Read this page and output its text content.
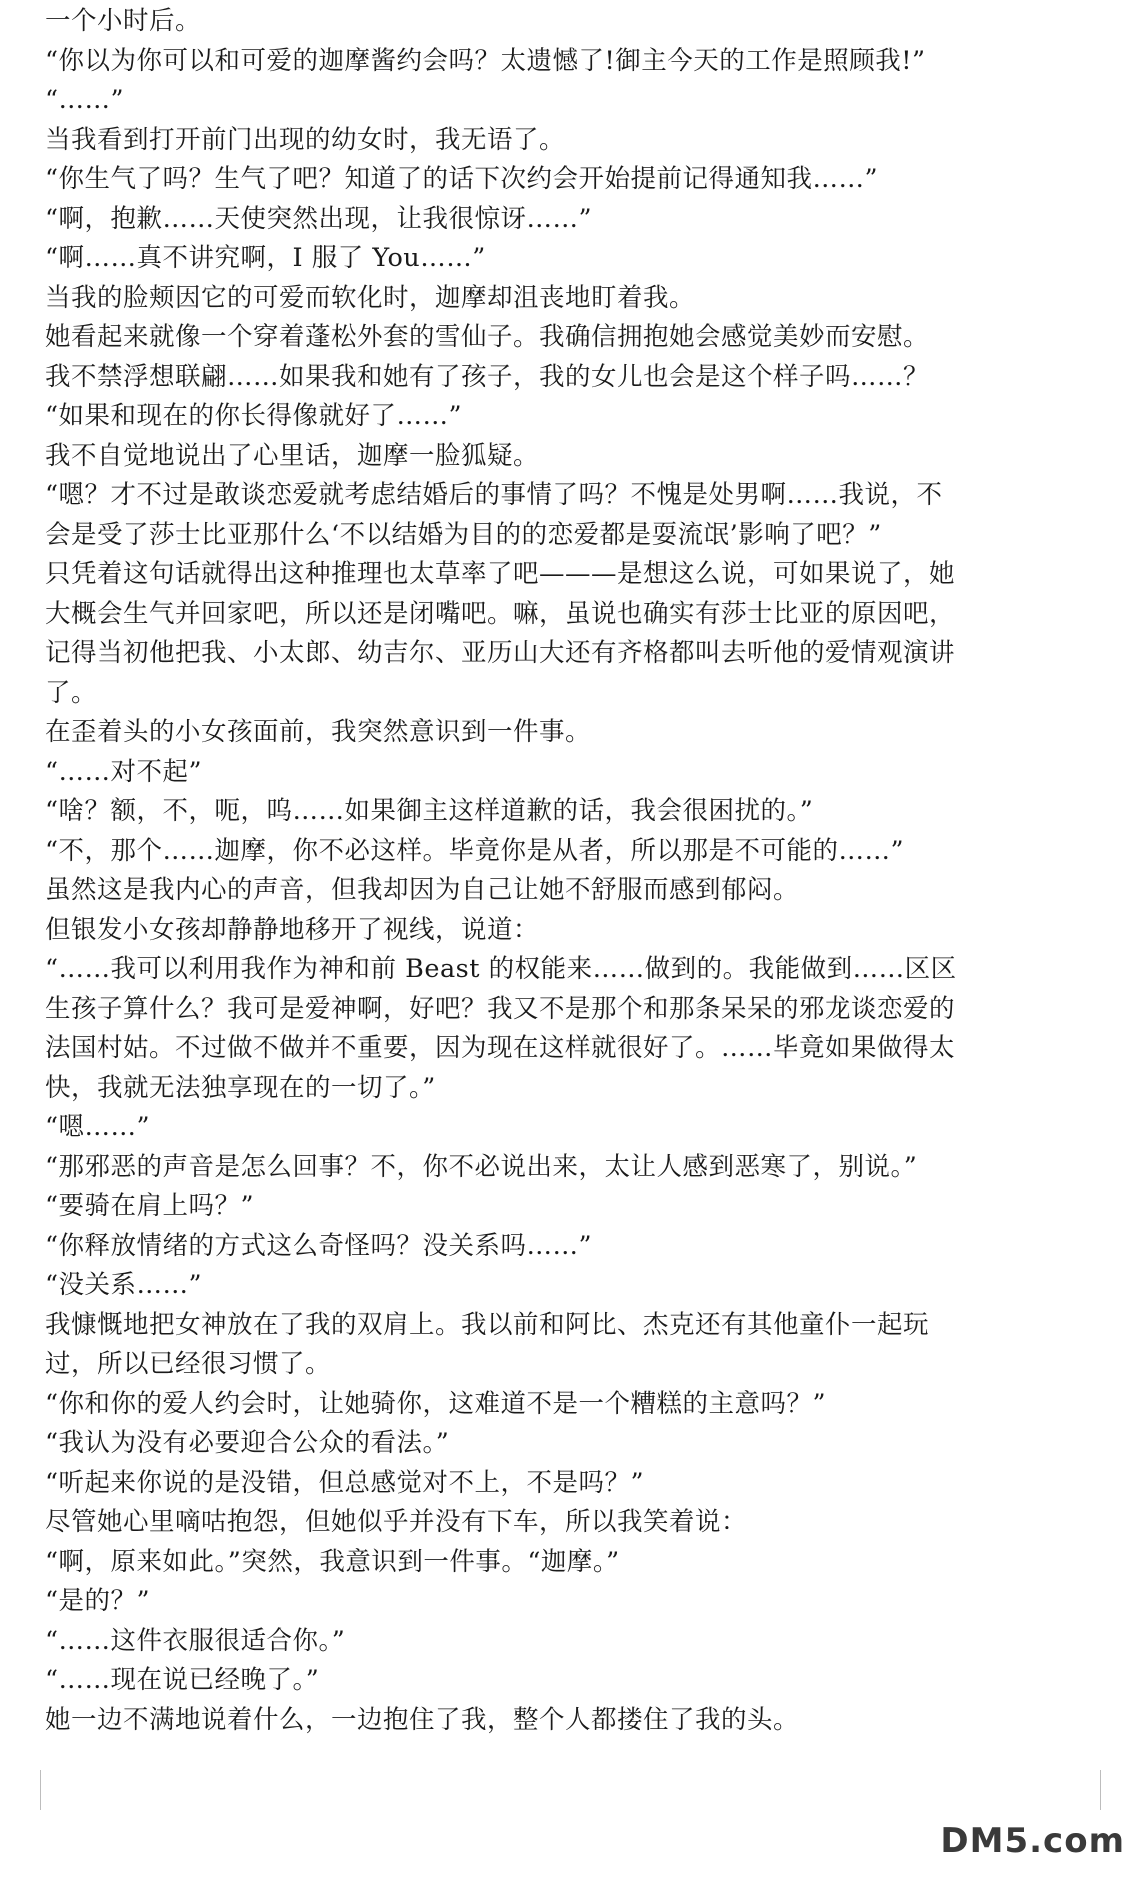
一个小时后。
“你以为你可以和可爱的迦摩酱约会吗？太遗憾了!御主今天的工作是照顾我!”
“……”
当我看到打开前门出现的幼女时，我无语了。
“你生气了吗？生气了吧？知道了的话下次约会开始提前记得通知我……”
“啊，抱歉……天使突然出现，让我很惊讶……”
“啊……真不讲究啊，I 服了 You……”
当我的脸颊因它的可爱而软化时，迦摩却沮丧地盯着我。
她看起来就像一个穿着蓬松外套的雪仙子。我确信拥抱她会感觉美妙而安慰。
我不禁浮想联翩……如果我和她有了孩子，我的女儿也会是这个样子吗……？
“如果和现在的你长得像就好了……”
我不自觉地说出了心里话，迦摩一脸狐疑。
“嗯？才不过是敢谈恋爱就考虑结婚后的事情了吗？不愧是处男啊……我说，不
会是受了莎士比亚那什么‘不以结婚为目的的恋爱都是耍流氓’影响了吧？”
只凭着这句话就得出这种推理也太草率了吧———是想这么说，可如果说了，她
大概会生气并回家吧，所以还是闭嘴吧。嘛，虽说也确实有莎士比亚的原因吧，
记得当初他把我、小太郎、幼吉尔、亚历山大还有齐格都叫去听他的爱情观演讲
了。
在歪着头的小女孩面前，我突然意识到一件事。
“……对不起”
“啥？额，不，呃，呜……如果御主这样道歉的话，我会很困扰的。”
“不，那个……迦摩，你不必这样。毕竟你是从者，所以那是不可能的……”
虽然这是我内心的声音，但我却因为自己让她不舒服而感到郁闷。
但银发小女孩却静静地移开了视线，说道：
“……我可以利用我作为神和前 Beast 的权能来……做到的。我能做到……区区
生孩子算什么？我可是爱神啊，好吧？我又不是那个和那条呆呆的邪龙谈恋爱的
法国村姑。不过做不做并不重要，因为现在这样就很好了。……毕竟如果做得太
快，我就无法独享现在的一切了。”
“嗯……”
“那邪恶的声音是怎么回事？不，你不必说出来，太让人感到恶寒了，别说。”
“要骑在肩上吗？”
“你释放情绪的方式这么奇怪吗？没关系吗……”
“没关系……”
我慷慨地把女神放在了我的双肩上。我以前和阿比、杰克还有其他童仆一起玩
过，所以已经很习惯了。
“你和你的爱人约会时，让她骑你，这难道不是一个糟糕的主意吗？”
“我认为没有必要迎合公众的看法。”
“听起来你说的是没错，但总感觉对不上，不是吗？”
尽管她心里嘀咕抱怨，但她似乎并没有下车，所以我笑着说：
“啊，原来如此。”突然，我意识到一件事。“迦摩。”
“是的？”
“……这件衣服很适合你。”
“……现在说已经晚了。”
她一边不满地说着什么，一边抱住了我，整个人都搂住了我的头。
DM5.com
